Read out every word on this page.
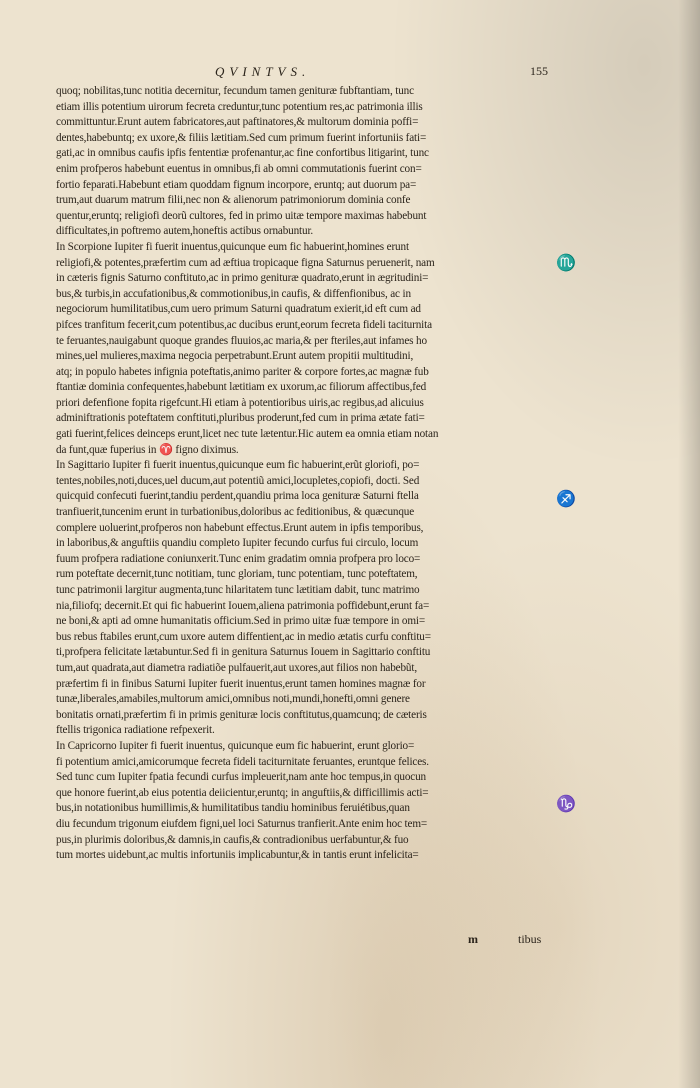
QVINTVS.	155
quoq; nobilitas,tunc notitia decernitur, fecundum tamen genituræ fubftantiam, tunc
etiam illis potentium uirorum fecreta creduntur,tunc potentium res,ac patrimonia illis
committuntur.Erunt autem fabricatores,aut paftinatores,& multorum dominia poffi=
dentes,habebuntq; ex uxore,& filiis lætitiam.Sed cum primum fuerint infortuniis fati=
gati,ac in omnibus caufis ipfis fententiæ profenantur,ac fine confortibus litigarint, tunc
enim profperos habebunt euentus in omnibus,fi ab omni commutationis fuerint con=
fortio feparati.Habebunt etiam quoddam fignum incorpore, eruntq; aut duorum pa=
trum,aut duarum matrum filii,nec non & alienorum patrimoniorum dominia confe
quentur,eruntq; religiofi deorũ cultores, fed in primo uitæ tempore maximas habebunt
difficultates,in poftremo autem,honeftis actibus ornabuntur.
In Scorpione Iupiter fi fuerit inuentus,quicunque eum fic habuerint,homines erunt
religiofi,& potentes,præfertim cum ad æftiua tropicaque figna Saturnus peruenerit, nam
in cæteris fignis Saturno conftituto,ac in primo genituræ quadrato,erunt in ægritudini=
bus,& turbis,in accufationibus,& commotionibus,in caufis, & diffenfionibus, ac in
negociorum humilitatibus,cum uero primum Saturni quadratum exierit,id eft cum ad
pifces tranfitum fecerit,cum potentibus,ac ducibus erunt,eorum fecreta fideli taciturnita
te feruantes,nauigabunt quoque grandes fluuios,ac maria,& per fteriles,aut infames ho
mines,uel mulieres,maxima negocia perpetrabunt.Erunt autem propitii multitudini,
atq; in populo habetes infignia poteftatis,animo pariter & corpore fortes,ac magnæ fub
ftantiæ dominia confequentes,habebunt lætitiam ex uxorum,ac filiorum affectibus,fed
priori defenfione fopita rigefcunt.Hi etiam à potentioribus uiris,ac regibus,ad alicuius
adminiftrationis poteftatem conftituti,pluribus proderunt,fed cum in prima ætate fati=
gati fuerint,felices deinceps erunt,licet nec tute lætentur.Hic autem ea omnia etiam notan
da funt,quæ fuperius in ♈ figno diximus.
In Sagittario Iupiter fi fuerit inuentus,quicunque eum fic habuerint,erũt gloriofi, po=
tentes,nobiles,noti,duces,uel ducum,aut potentiũ amici,locupletes,copiofi, docti. Sed
quicquid confecuti fuerint,tandiu perdent,quandiu prima loca genituræ Saturni ftella
tranfiuerit,tuncenim erunt in turbationibus,doloribus ac feditionibus, & quæcunque
complere uoluerint,profperos non habebunt effectus.Erunt autem in ipfis temporibus,
in laboribus,& anguftiis quandiu completo Iupiter fecundo curfus fui circulo, locum
fuum profpera radiatione coniunxerit.Tunc enim gradatim omnia profpera pro loco=
rum poteftate decernit,tunc notitiam, tunc gloriam, tunc potentiam, tunc poteftatem,
tunc patrimonii largitur augmenta,tunc hilaritatem tunc lætitiam dabit, tunc matrimo
nia,filiofq; decernit.Et qui fic habuerint Iouem,aliena patrimonia poffidebunt,erunt fa=
ne boni,& apti ad omne humanitatis officium.Sed in primo uitæ fuæ tempore in omi=
bus rebus ftabiles erunt,cum uxore autem diffentient,ac in medio ætatis curfu conftitu=
ti,profpera felicitate lætabuntur.Sed fi in genitura Saturnus Iouem in Sagittario conftitu
tum,aut quadrata,aut diametra radiatiõe pulfauerit,aut uxores,aut filios non habebũt,
præfertim fi in finibus Saturni Iupiter fuerit inuentus,erunt tamen homines magnæ for
tunæ,liberales,amabiles,multorum amici,omnibus noti,mundi,honefti,omni genere
bonitatis ornati,præfertim fi in primis genituræ locis conftitutus,quamcunq; de cæteris
ftellis trigonica radiatione refpexerit.
In Capricorno Iupiter fi fuerit inuentus, quicunque eum fic habuerint, erunt glorio=
fi potentium amici,amicorumque fecreta fideli taciturnitate feruantes, eruntque felices.
Sed tunc cum Iupiter fpatia fecundi curfus impleuerit,nam ante hoc tempus,in quocun
que honore fuerint,ab eius potentia deiicientur,eruntq; in anguftiis,& difficillimis acti=
bus,in notationibus humillimis,& humilitatibus tandiu hominibus feruiétibus,quan
diu fecundum trigonum eiufdem figni,uel loci Saturnus tranfierit.Ante enim hoc tem=
pus,in plurimis doloribus,& damnis,in caufis,& contradionibus uerfabuntur,& fuo
tum mortes uidebunt,ac multis infortuniis implicabuntur,& in tantis erunt infelicita=
♏
♐
♑
m	tibus
